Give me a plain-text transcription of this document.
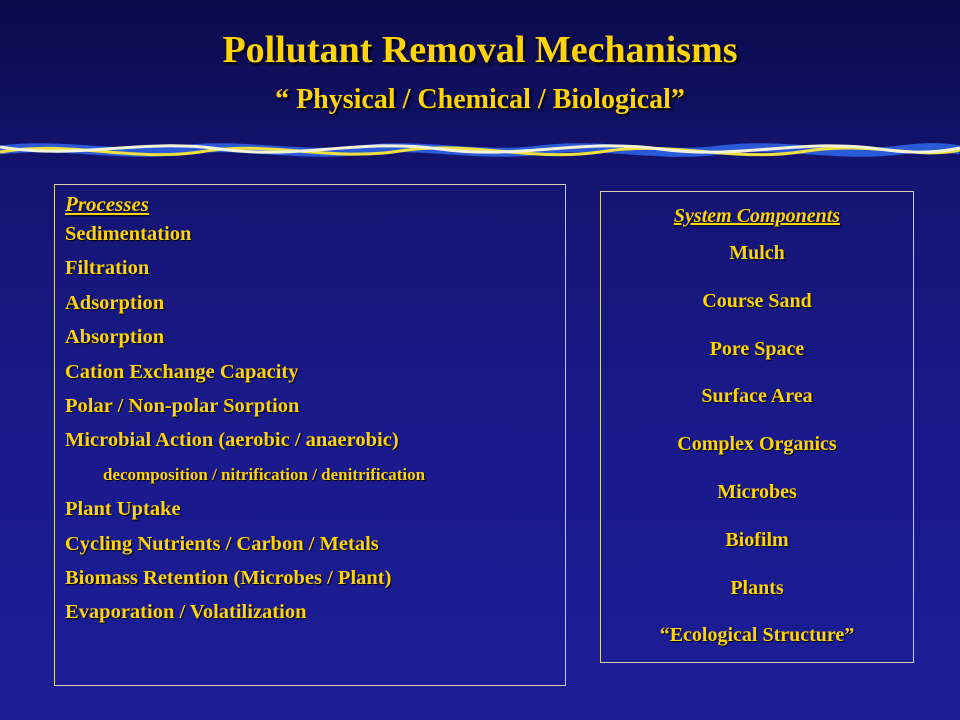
Pollutant Removal Mechanisms
“ Physical / Chemical / Biological”
Processes
Sedimentation
Filtration
Adsorption
Absorption
Cation Exchange Capacity
Polar / Non-polar Sorption
Microbial Action (aerobic / anaerobic)
decomposition / nitrification / denitrification
Plant Uptake
Cycling Nutrients / Carbon / Metals
Biomass Retention (Microbes / Plant)
Evaporation / Volatilization
System Components
Mulch
Course Sand
Pore Space
Surface Area
Complex Organics
Microbes
Biofilm
Plants
“Ecological Structure”
